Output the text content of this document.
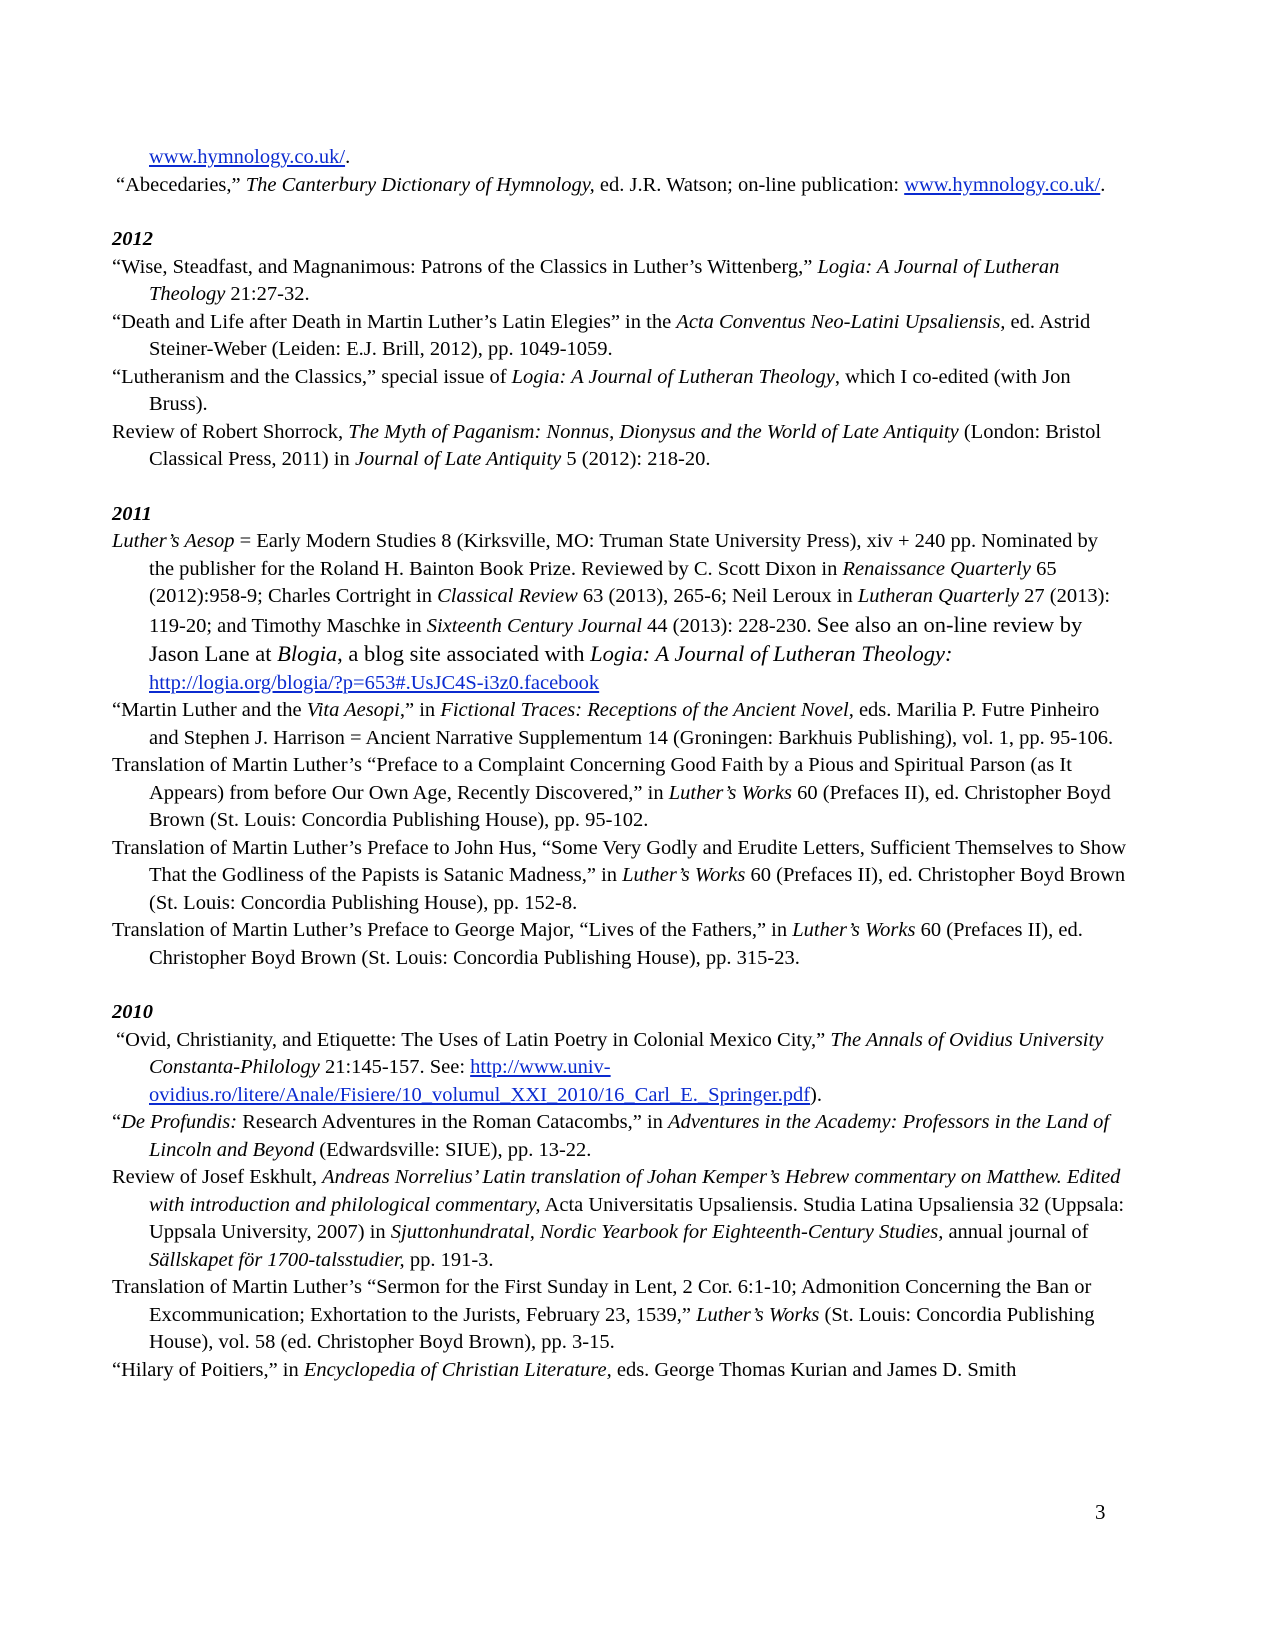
www.hymnology.co.uk/.

“Abecedaries,” The Canterbury Dictionary of Hymnology, ed. J.R. Watson; on-line publication: www.hymnology.co.uk/.

2012

“Wise, Steadfast, and Magnanimous: Patrons of the Classics in Luther’s Wittenberg,” Logia: A Journal of Lutheran Theology 21:27-32.

“Death and Life after Death in Martin Luther’s Latin Elegies” in the Acta Conventus Neo-Latini Upsaliensis, ed. Astrid Steiner-Weber (Leiden: E.J. Brill, 2012), pp. 1049-1059.

“Lutheranism and the Classics,” special issue of Logia: A Journal of Lutheran Theology, which I co-edited (with Jon Bruss).

Review of Robert Shorrock, The Myth of Paganism: Nonnus, Dionysus and the World of Late Antiquity (London: Bristol Classical Press, 2011) in Journal of Late Antiquity 5 (2012): 218-20.

2011

Luther’s Aesop = Early Modern Studies 8 (Kirksville, MO: Truman State University Press), xiv + 240 pp. Nominated by the publisher for the Roland H. Bainton Book Prize. Reviewed by C. Scott Dixon in Renaissance Quarterly 65 (2012):958-9; Charles Cortright in Classical Review 63 (2013), 265-6; Neil Leroux in Lutheran Quarterly 27 (2013): 119-20; and Timothy Maschke in Sixteenth Century Journal 44 (2013): 228-230. See also an on-line review by Jason Lane at Blogia, a blog site associated with Logia: A Journal of Lutheran Theology: http://logia.org/blogia/?p=653#.UsJC4S-i3z0.facebook

“Martin Luther and the Vita Aesopi,” in Fictional Traces: Receptions of the Ancient Novel, eds. Marilia P. Futre Pinheiro and Stephen J. Harrison = Ancient Narrative Supplementum 14 (Groningen: Barkhuis Publishing), vol. 1, pp. 95-106.

Translation of Martin Luther’s “Preface to a Complaint Concerning Good Faith by a Pious and Spiritual Parson (as It Appears) from before Our Own Age, Recently Discovered,” in Luther’s Works 60 (Prefaces II), ed. Christopher Boyd Brown (St. Louis: Concordia Publishing House), pp. 95-102.

Translation of Martin Luther’s Preface to John Hus, “Some Very Godly and Erudite Letters, Sufficient Themselves to Show That the Godliness of the Papists is Satanic Madness,” in Luther’s Works 60 (Prefaces II), ed. Christopher Boyd Brown (St. Louis: Concordia Publishing House), pp. 152-8.

Translation of Martin Luther’s Preface to George Major, “Lives of the Fathers,” in Luther’s Works 60 (Prefaces II), ed. Christopher Boyd Brown (St. Louis: Concordia Publishing House), pp. 315-23.

2010

“Ovid, Christianity, and Etiquette: The Uses of Latin Poetry in Colonial Mexico City,” The Annals of Ovidius University Constanta-Philology 21:145-157. See: http://www.univ-ovidius.ro/litere/Anale/Fisiere/10_volumul_XXI_2010/16_Carl_E._Springer.pdf).

“De Profundis: Research Adventures in the Roman Catacombs,” in Adventures in the Academy: Professors in the Land of Lincoln and Beyond (Edwardsville: SIUE), pp. 13-22.

Review of Josef Eskhult, Andreas Norrelius’ Latin translation of Johan Kemper’s Hebrew commentary on Matthew. Edited with introduction and philological commentary, Acta Universitatis Upsaliensis. Studia Latina Upsaliensia 32 (Uppsala: Uppsala University, 2007) in Sjuttonhundratal, Nordic Yearbook for Eighteenth-Century Studies, annual journal of Sällskapet för 1700-talsstudier, pp. 191-3.

Translation of Martin Luther’s “Sermon for the First Sunday in Lent, 2 Cor. 6:1-10; Admonition Concerning the Ban or Excommunication; Exhortation to the Jurists, February 23, 1539,” Luther’s Works (St. Louis: Concordia Publishing House), vol. 58 (ed. Christopher Boyd Brown), pp. 3-15.

“Hilary of Poitiers,” in Encyclopedia of Christian Literature, eds. George Thomas Kurian and James D. Smith

3
